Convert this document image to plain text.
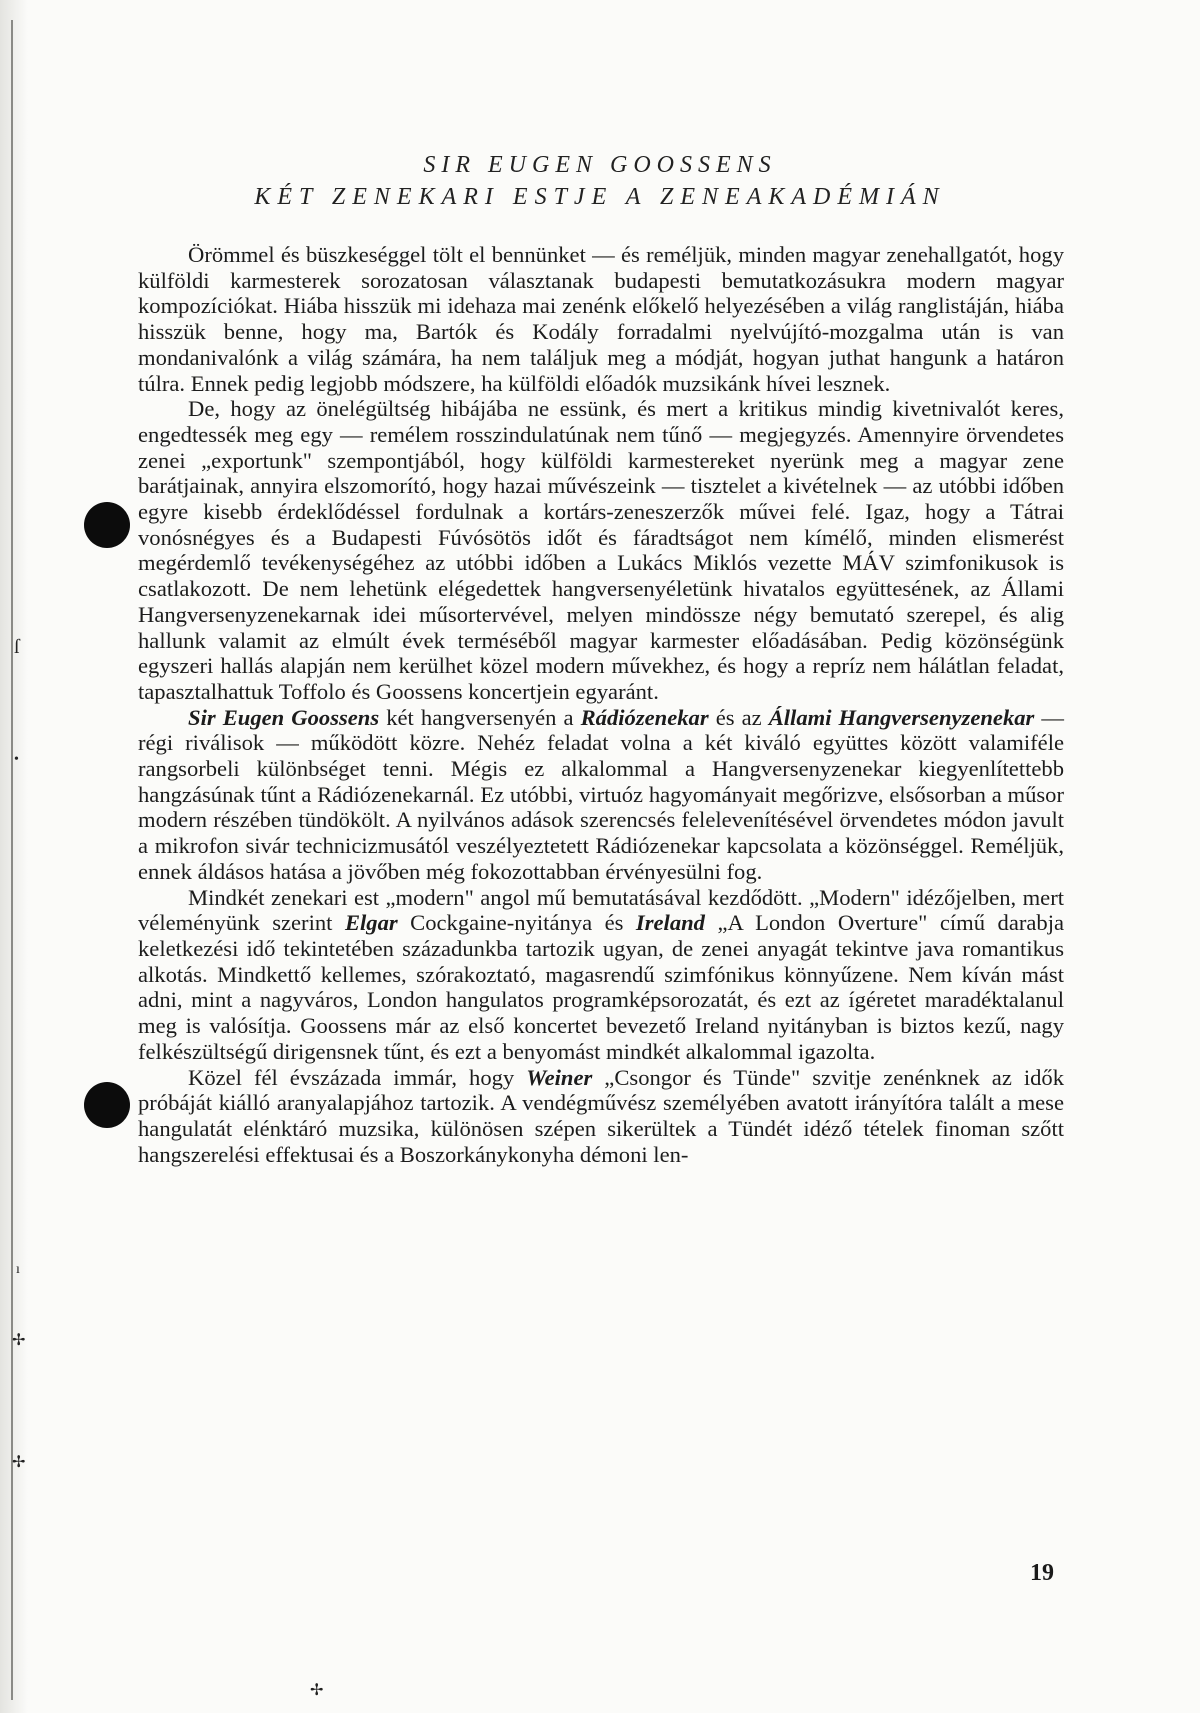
ſ
•
ı
✢
✢
✢
SIR EUGEN GOOSSENS
KÉT ZENEKARI ESTJE A ZENEAKADÉMIÁN

Örömmel és büszkeséggel tölt el bennünket — és reméljük, minden magyar zenehallgatót, hogy külföldi karmesterek sorozatosan választanak budapesti bemutatkozásukra modern magyar kompozíciókat. Hiába hisszük mi idehaza mai zenénk előkelő helyezésében a világ ranglistáján, hiába hisszük benne, hogy ma, Bartók és Kodály forradalmi nyelvújító-mozgalma után is van mondanivalónk a világ számára, ha nem találjuk meg a módját, hogyan juthat hangunk a határon túlra. Ennek pedig legjobb módszere, ha külföldi előadók muzsikánk hívei lesznek.

De, hogy az önelégültség hibájába ne essünk, és mert a kritikus mindig kivetnivalót keres, engedtessék meg egy — remélem rosszindulatúnak nem tűnő — megjegyzés. Amennyire örvendetes zenei „exportunk" szempontjából, hogy külföldi karmestereket nyerünk meg a magyar zene barátjainak, annyira elszomorító, hogy hazai művészeink — tisztelet a kivételnek — az utóbbi időben egyre kisebb érdeklődéssel fordulnak a kortárs-zeneszerzők művei felé. Igaz, hogy a Tátrai vonósnégyes és a Budapesti Fúvósötös időt és fáradtságot nem kímélő, minden elismerést megérdemlő tevékenységéhez az utóbbi időben a Lukács Miklós vezette MÁV szimfonikusok is csatlakozott. De nem lehetünk elégedettek hangversenyéletünk hivatalos együttesének, az Állami Hangversenyzenekarnak idei műsortervével, melyen mindössze négy bemutató szerepel, és alig hallunk valamit az elmúlt évek terméséből magyar karmester előadásában. Pedig közönségünk egyszeri hallás alapján nem kerülhet közel modern művekhez, és hogy a repríz nem hálátlan feladat, tapasztalhattuk Toffolo és Goossens koncertjein egyaránt.

Sir Eugen Goossens két hangversenyén a Rádiózenekar és az Állami Hangversenyzenekar — régi riválisok — működött közre. Nehéz feladat volna a két kiváló együttes között valamiféle rangsorbeli különbséget tenni. Mégis ez alkalommal a Hangversenyzenekar kiegyenlítettebb hangzásúnak tűnt a Rádiózenekarnál. Ez utóbbi, virtuóz hagyományait megőrizve, elsősorban a műsor modern részében tündökölt. A nyilvános adások szerencsés felelevenítésével örvendetes módon javult a mikrofon sivár technicizmusától veszélyeztetett Rádiózenekar kapcsolata a közönséggel. Reméljük, ennek áldásos hatása a jövőben még fokozottabban érvényesülni fog.

Mindkét zenekari est „modern" angol mű bemutatásával kezdődött. „Modern" idézőjelben, mert véleményünk szerint Elgar Cockgaine-nyitánya és Ireland „A London Overture" című darabja keletkezési idő tekintetében századunkba tartozik ugyan, de zenei anyagát tekintve java romantikus alkotás. Mindkettő kellemes, szórakoztató, magasrendű szimfónikus könnyűzene. Nem kíván mást adni, mint a nagyváros, London hangulatos programképsorozatát, és ezt az ígéretet maradéktalanul meg is valósítja. Goossens már az első koncertet bevezető Ireland nyitányban is biztos kezű, nagy felkészültségű dirigensnek tűnt, és ezt a benyomást mindkét alkalommal igazolta.

Közel fél évszázada immár, hogy Weiner „Csongor és Tünde" szvitje zenénknek az idők próbáját kiálló aranyalapjához tartozik. A vendégművész személyében avatott irányítóra talált a mese hangulatát elénktáró muzsika, különösen szépen sikerültek a Tündét idéző tételek finoman szőtt hangszerelési effektusai és a Boszorkánykonyha démoni len-

19
